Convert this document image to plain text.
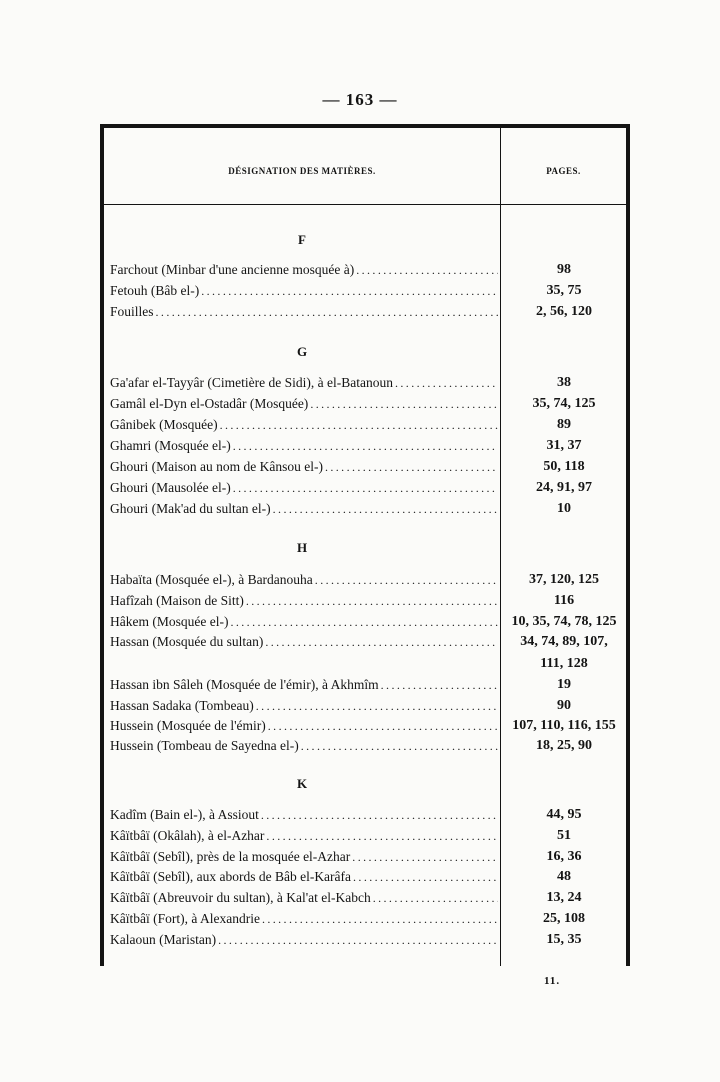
— 163 —
DÉSIGNATION DES MATIÈRES.	PAGES.
F
Farchout (Minbar d'une ancienne mosquée à) .....	98
Fetouh (Bâb el-) .....	35, 75
Fouilles .....	2, 56, 120
G
Ga'afar el-Tayyâr (Cimetière de Sidi), à el-Batanoun .....	38
Gamâl el-Dyn el-Ostadâr (Mosquée) .....	35, 74, 125
Gânibek (Mosquée) .....	89
Ghamri (Mosquée el-) .....	31, 37
Ghouri (Maison au nom de Kânsou el-) .....	50, 118
Ghouri (Mausolée el-) .....	24, 91, 97
Ghouri (Mak'ad du sultan el-) .....	10
H
Habaïta (Mosquée el-), à Bardanouha .....	37, 120, 125
Hafîzah (Maison de Sitt) .....	116
Hâkem (Mosquée el-) .....	10, 35, 74, 78, 125
Hassan (Mosquée du sultan) .....	34, 74, 89, 107,
111, 128
Hassan ibn Sâleh (Mosquée de l'émir), à Akhmîm .....	19
Hassan Sadaka (Tombeau) .....	90
Hussein (Mosquée de l'émir) .....	107, 110, 116, 155
Hussein (Tombeau de Sayedna el-) .....	18, 25, 90
K
Kadîm (Bain el-), à Assiout .....	44, 95
Kâïtbâï (Okâlah), à el-Azhar .....	51
Kâïtbâï (Sebîl), près de la mosquée el-Azhar .....	16, 36
Kâïtbâï (Sebîl), aux abords de Bâb el-Karâfa .....	48
Kâïtbâï (Abreuvoir du sultan), à Kal'at el-Kabch .....	13, 24
Kâïtbâï (Fort), à Alexandrie .....	25, 108
Kalaoun (Maristan) .....	15, 35
11.
